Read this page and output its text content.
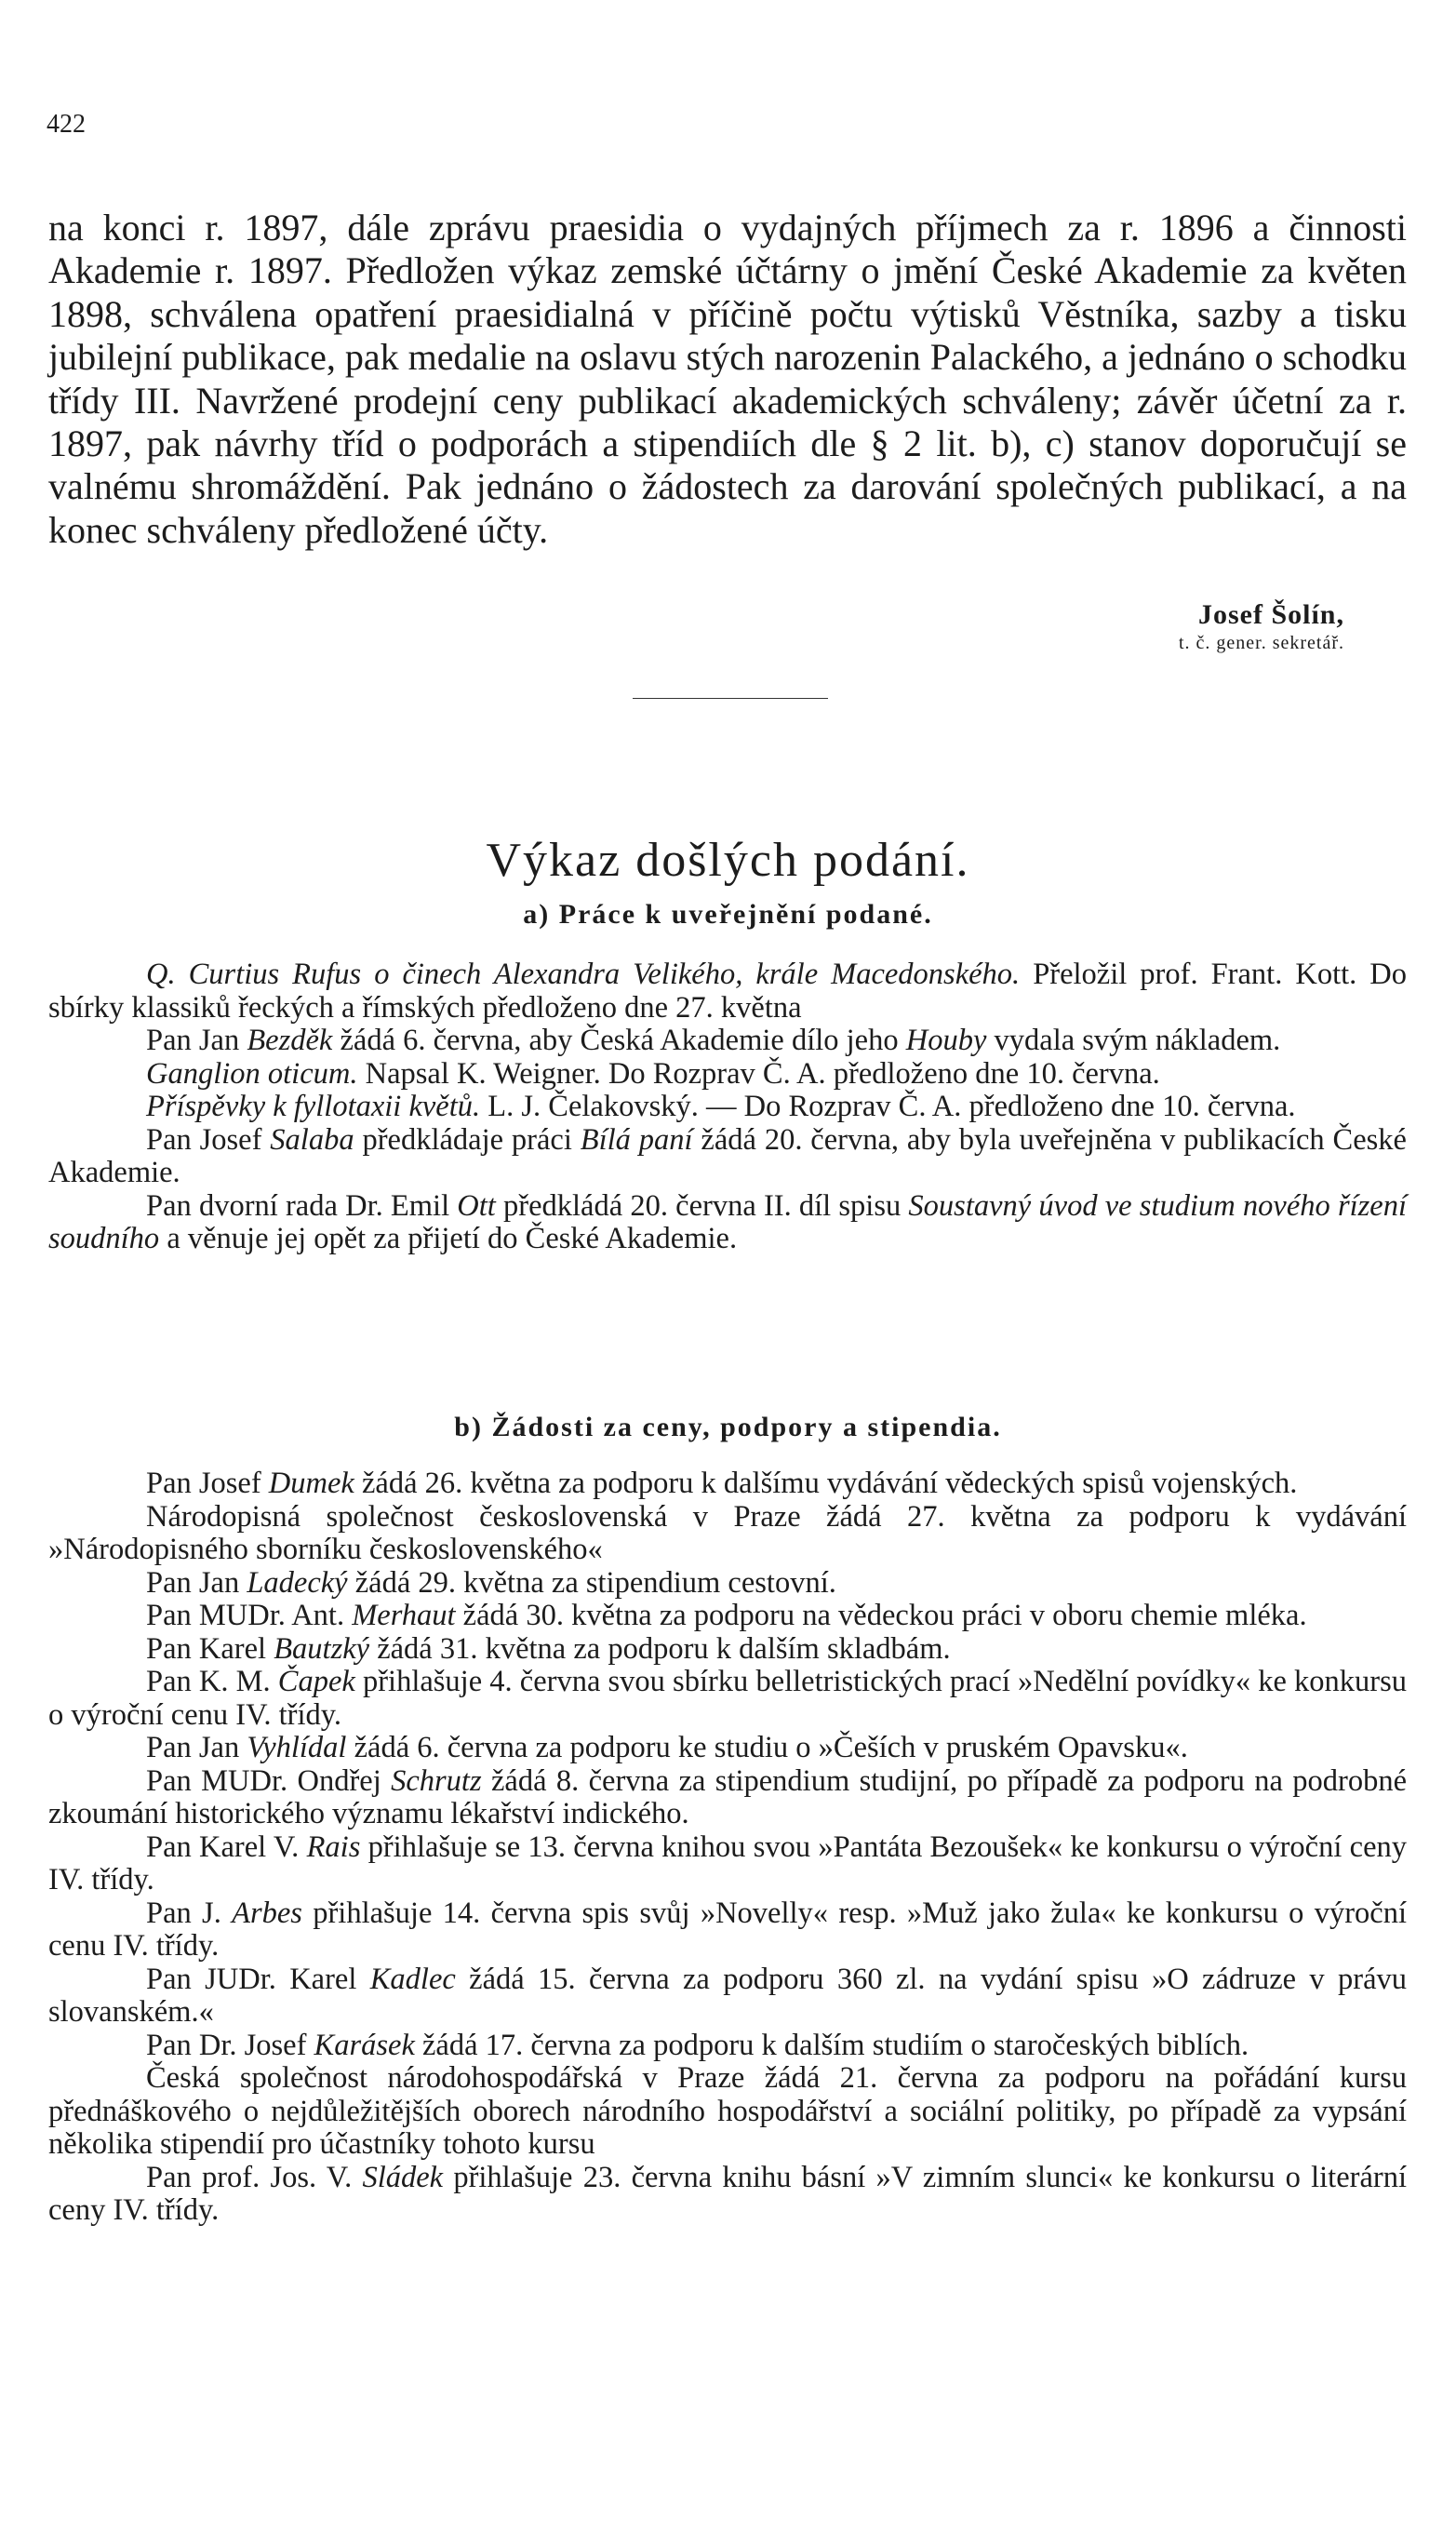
422

na konci r. 1897, dále zprávu praesidia o vydajných příjmech za r. 1896 a činnosti Akademie r. 1897. Předložen výkaz zemské účtárny o jmění České Akademie za květen 1898, schválena opatření praesidialná v příčině počtu výtisků Věstníka, sazby a tisku jubilejní publikace, pak medalie na oslavu stých narozenin Palackého, a jednáno o schodku třídy III. Navržené prodejní ceny publikací akademických schváleny; závěr účetní za r. 1897, pak návrhy tříd o podporách a stipendiích dle § 2 lit. b), c) stanov doporučují se valnému shromáždění. Pak jednáno o žádostech za darování společných publikací, a na konec schváleny předložené účty.

Josef Šolín,
t. č. gener. sekretář.
Výkaz došlých podání.
a) Práce k uveřejnění podané.

Q. Curtius Rufus o činech Alexandra Velikého, krále Macedonského. Přeložil prof. Frant. Kott. Do sbírky klassiků řeckých a římských předloženo dne 27. května

Pan Jan Bezděk žádá 6. června, aby Česká Akademie dílo jeho Houby vydala svým nákladem.

Ganglion oticum. Napsal K. Weigner. Do Rozprav Č. A. předloženo dne 10. června.

Příspěvky k fyllotaxii květů. L. J. Čelakovský. — Do Rozprav Č. A. předloženo dne 10. června.

Pan Josef Salaba předkládaje práci Bílá paní žádá 20. června, aby byla uveřejněna v publikacích České Akademie.

Pan dvorní rada Dr. Emil Ott předkládá 20. června II. díl spisu Soustavný úvod ve studium nového řízení soudního a věnuje jej opět za přijetí do České Akademie.

b) Žádosti za ceny, podpory a stipendia.

Pan Josef Dumek žádá 26. května za podporu k dalšímu vydávání vědeckých spisů vojenských.

Národopisná společnost československá v Praze žádá 27. května za podporu k vydávání »Národopisného sborníku československého«

Pan Jan Ladecký žádá 29. května za stipendium cestovní.

Pan MUDr. Ant. Merhaut žádá 30. května za podporu na vědeckou práci v oboru chemie mléka.

Pan Karel Bautzký žádá 31. května za podporu k dalším skladbám.

Pan K. M. Čapek přihlašuje 4. června svou sbírku belletristických prací »Nedělní povídky« ke konkursu o výroční cenu IV. třídy.

Pan Jan Vyhlídal žádá 6. června za podporu ke studiu o »Češích v pruském Opavsku«.

Pan MUDr. Ondřej Schrutz žádá 8. června za stipendium studijní, po případě za podporu na podrobné zkoumání historického významu lékařství indického.

Pan Karel V. Rais přihlašuje se 13. června knihou svou »Pantáta Bezoušek« ke konkursu o výroční ceny IV. třídy.

Pan J. Arbes přihlašuje 14. června spis svůj »Novelly« resp. »Muž jako žula« ke konkursu o výroční cenu IV. třídy.

Pan JUDr. Karel Kadlec žádá 15. června za podporu 360 zl. na vydání spisu »O zádruze v právu slovanském.«

Pan Dr. Josef Karásek žádá 17. června za podporu k dalším studiím o staročeských biblích.

Česká společnost národohospodářská v Praze žádá 21. června za podporu na pořádání kursu přednáškového o nejdůležitějších oborech národního hospodářství a sociální politiky, po případě za vypsání několika stipendií pro účastníky tohoto kursu

Pan prof. Jos. V. Sládek přihlašuje 23. června knihu básní »V zimním slunci« ke konkursu o literární ceny IV. třídy.
